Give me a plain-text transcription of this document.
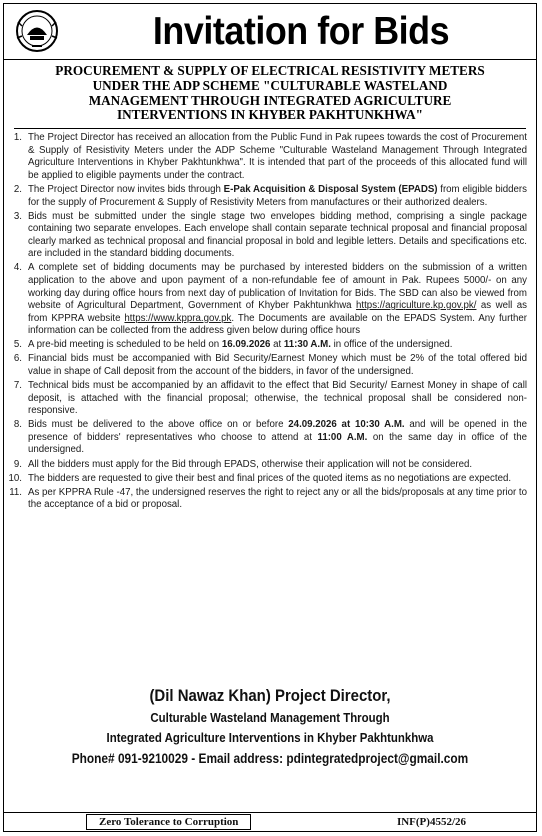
Invitation for Bids
PROCUREMENT & SUPPLY OF ELECTRICAL RESISTIVITY METERS
UNDER THE ADP SCHEME "CULTURABLE WASTELAND
MANAGEMENT THROUGH INTEGRATED AGRICULTURE
INTERVENTIONS IN KHYBER PAKHTUNKHWA"
1. The Project Director has received an allocation from the Public Fund in Pak rupees towards the cost of Procurement & Supply of Resistivity Meters under the ADP Scheme "Culturable Wasteland Management Through Integrated Agriculture Interventions in Khyber Pakhtunkhwa". It is intended that part of the proceeds of this allocated fund will be applied to eligible payments under the contract.
2. The Project Director now invites bids through E-Pak Acquisition & Disposal System (EPADS) from eligible bidders for the supply of Procurement & Supply of Resistivity Meters from manufactures or their authorized dealers.
3. Bids must be submitted under the single stage two envelopes bidding method, comprising a single package containing two separate envelopes. Each envelope shall contain separate technical proposal and financial proposal clearly marked as technical proposal and financial proposal in bold and legible letters. Details and specifications etc. are included in the standard bidding documents.
4. A complete set of bidding documents may be purchased by interested bidders on the submission of a written application to the above and upon payment of a non-refundable fee of amount in Pak. Rupees 5000/- on any working day during office hours from next day of publication of Invitation for Bids. The SBD can also be viewed from website of Agricultural Department, Government of Khyber Pakhtunkhwa https://agriculture.kp.gov.pk/ as well as from KPPRA website https://www.kppra.gov.pk. The Documents are available on the EPADS System. Any further information can be collected from the address given below during office hours
5. A pre-bid meeting is scheduled to be held on 16.09.2026 at 11:30 A.M. in office of the undersigned.
6. Financial bids must be accompanied with Bid Security/Earnest Money which must be 2% of the total offered bid value in shape of Call deposit from the account of the bidders, in favor of the undersigned.
7. Technical bids must be accompanied by an affidavit to the effect that Bid Security/ Earnest Money in shape of call deposit, is attached with the financial proposal; otherwise, the technical proposal shall be considered non-responsive.
8. Bids must be delivered to the above office on or before 24.09.2026 at 10:30 A.M. and will be opened in the presence of bidders' representatives who choose to attend at 11:00 A.M. on the same day in office of the undersigned.
9. All the bidders must apply for the Bid through EPADS, otherwise their application will not be considered.
10. The bidders are requested to give their best and final prices of the quoted items as no negotiations are expected.
11. As per KPPRA Rule -47, the undersigned reserves the right to reject any or all the bids/proposals at any time prior to the acceptance of a bid or proposal.
(Dil Nawaz Khan) Project Director,
Culturable Wasteland Management Through
Integrated Agriculture Interventions in Khyber Pakhtunkhwa
Phone# 091-9210029 - Email address: pdintegratedproject@gmail.com
Zero Tolerance to Corruption	INF(P)4552/26
